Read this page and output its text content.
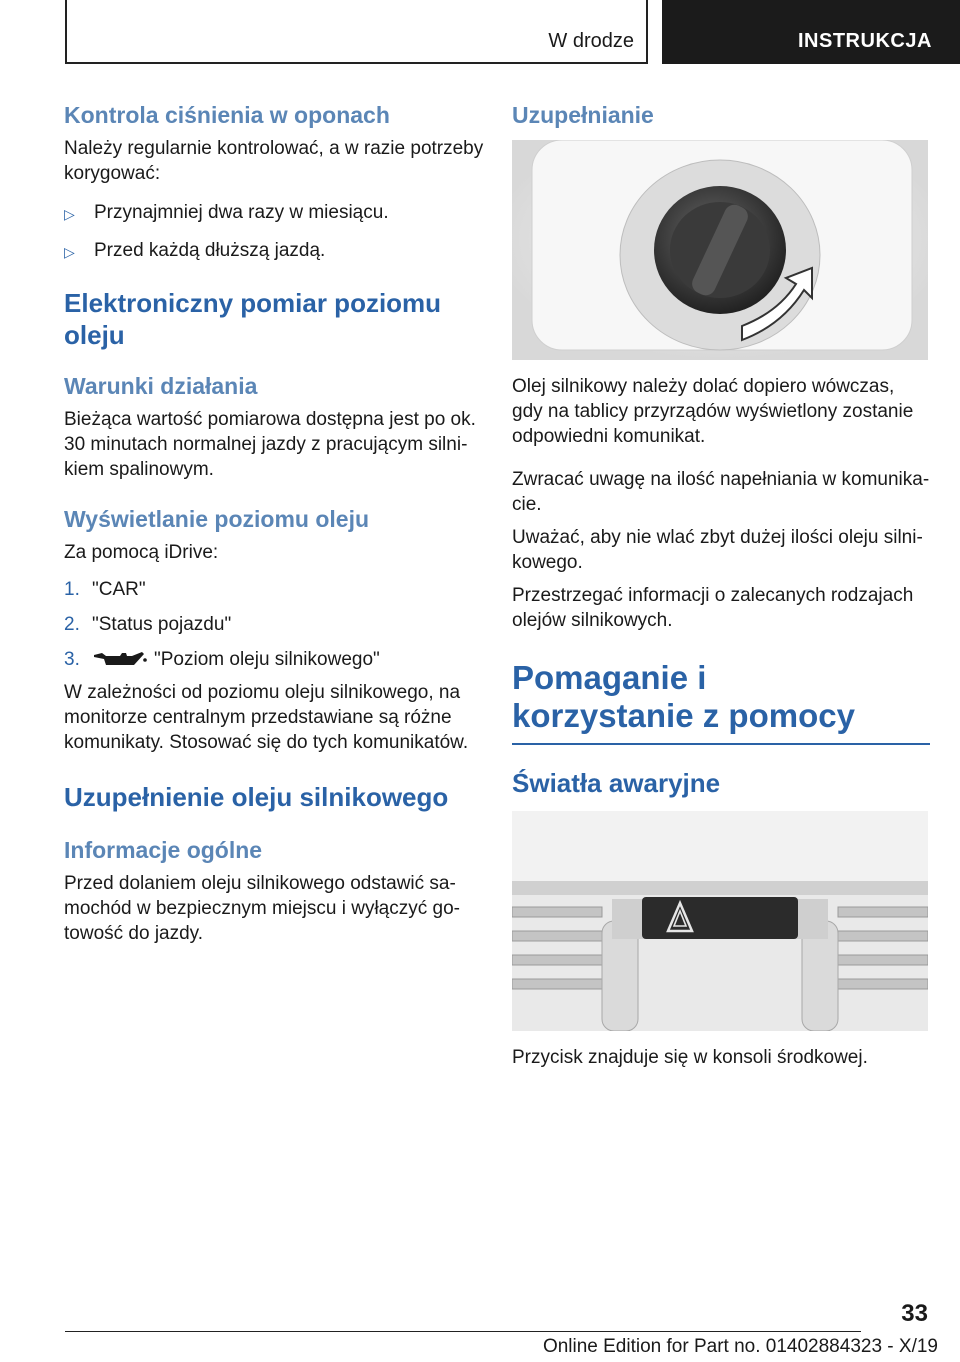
W drodze	INSTRUKCJA
Kontrola ciśnienia w oponach

Należy regularnie kontrolować, a w razie potrzeby korygować:

▷	Przynajmniej dwa razy w miesiącu.
▷	Przed każdą dłuższą jazdą.
Elektroniczny pomiar poziomu oleju
Warunki działania

Bieżąca wartość pomiarowa dostępna jest po ok. 30 minutach normalnej jazdy z pracującym silnikiem spalinowym.

Wyświetlanie poziomu oleju

Za pomocą iDrive:

1. "CAR"
2. "Status pojazdu"
3.	"Poziom oleju silnikowego"

W zależności od poziomu oleju silnikowego, na monitorze centralnym przedstawiane są różne komunikaty. Stosować się do tych komunikatów.

Uzupełnienie oleju silnikowego
Informacje ogólne

Przed dolaniem oleju silnikowego odstawić samochód w bezpiecznym miejscu i wyłączyć gotowość do jazdy.

Uzupełnianie

Olej silnikowy należy dolać dopiero wówczas, gdy na tablicy przyrządów wyświetlony zostanie odpowiedni komunikat.

Zwracać uwagę na ilość napełniania w komunikacie.

Uważać, aby nie wlać zbyt dużej ilości oleju silnikowego.

Przestrzegać informacji o zalecanych rodzajach olejów silnikowych.

Pomaganie i korzystanie z pomocy
Światła awaryjne

Przycisk znajduje się w konsoli środkowej.

33
Online Edition for Part no. 01402884323 - X/19
